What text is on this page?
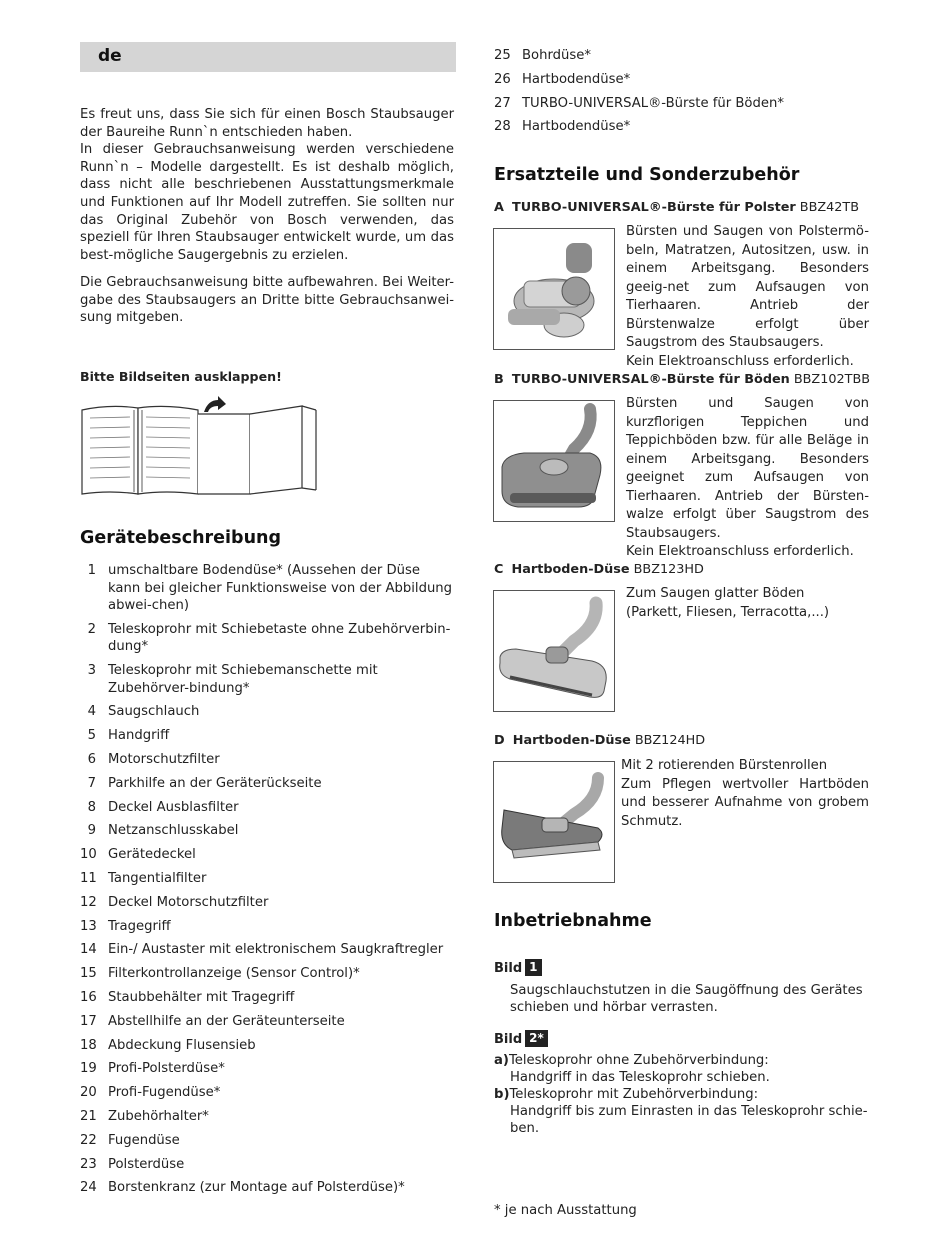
de
Es freut uns, dass Sie sich für einen Bosch Staubsauger der Baureihe Runn`n entschieden haben.
In dieser Gebrauchsanweisung werden verschiedene Runn`n – Modelle dargestellt. Es ist deshalb möglich, dass nicht alle beschriebenen Ausstattungsmerkmale und Funktionen auf Ihr Modell zutreffen. Sie sollten nur das Original Zubehör von Bosch verwenden, das speziell für Ihren Staubsauger entwickelt wurde, um das best-mögliche Saugergebnis zu erzielen.
Die Gebrauchsanweisung bitte aufbewahren. Bei Weiter-gabe des Staubsaugers an Dritte bitte Gebrauchsanwei-sung mitgeben.
Bitte Bildseiten ausklappen!
Gerätebeschreibung
1 umschaltbare Bodendüse* (Aussehen der Düse kann bei gleicher Funktionsweise von der Abbildung abwei-chen)
2 Teleskoprohr mit Schiebetaste ohne Zubehörverbin-dung*
3 Teleskoprohr mit Schiebemanschette mit Zubehörver-bindung*
4 Saugschlauch
5 Handgriff
6 Motorschutzfilter
7 Parkhilfe an der Geräterückseite
8 Deckel Ausblasfilter
9 Netzanschlusskabel
10 Gerätedeckel
11 Tangentialfilter
12 Deckel Motorschutzfilter
13 Tragegriff
14 Ein-/ Austaster mit elektronischem Saugkraftregler
15 Filterkontrollanzeige (Sensor Control)*
16 Staubbehälter mit Tragegriff
17 Abstellhilfe an der Geräteunterseite
18 Abdeckung Flusensieb
19 Profi-Polsterdüse*
20 Profi-Fugendüse*
21 Zubehörhalter*
22 Fugendüse
23 Polsterdüse
24 Borstenkranz (zur Montage auf Polsterdüse)*
25 Bohrdüse*
26 Hartbodendüse*
27 TURBO-UNIVERSAL®-Bürste für Böden*
28 Hartbodendüse*
Ersatzteile und Sonderzubehör
A TURBO-UNIVERSAL®-Bürste für Polster BBZ42TB
Bürsten und Saugen von Polstermö-beln, Matratzen, Autositzen, usw. in einem Arbeitsgang. Besonders geeig-net zum Aufsaugen von Tierhaaren. Antrieb der Bürstenwalze erfolgt über Saugstrom des Staubsaugers.
Kein Elektroanschluss erforderlich.
B TURBO-UNIVERSAL®-Bürste für Böden BBZ102TBB
Bürsten und Saugen von kurzflorigen Teppichen und Teppichböden bzw. für alle Beläge in einem Arbeitsgang. Besonders geeignet zum Aufsaugen von Tierhaaren. Antrieb der Bürsten-walze erfolgt über Saugstrom des Staubsaugers.
Kein Elektroanschluss erforderlich.
C Hartboden-Düse BBZ123HD
Zum Saugen glatter Böden
(Parkett, Fliesen, Terracotta,...)
D Hartboden-Düse BBZ124HD
Mit 2 rotierenden Bürstenrollen
Zum Pflegen wertvoller Hartböden und besserer Aufnahme von grobem Schmutz.
Inbetriebnahme
Bild 1
Saugschlauchstutzen in die Saugöffnung des Gerätes schieben und hörbar verrasten.
Bild 2*
a)Teleskoprohr ohne Zubehörverbindung:
Handgriff in das Teleskoprohr schieben.
b)Teleskoprohr mit Zubehörverbindung:
Handgriff bis zum Einrasten in das Teleskoprohr schie-ben.
* je nach Ausstattung
